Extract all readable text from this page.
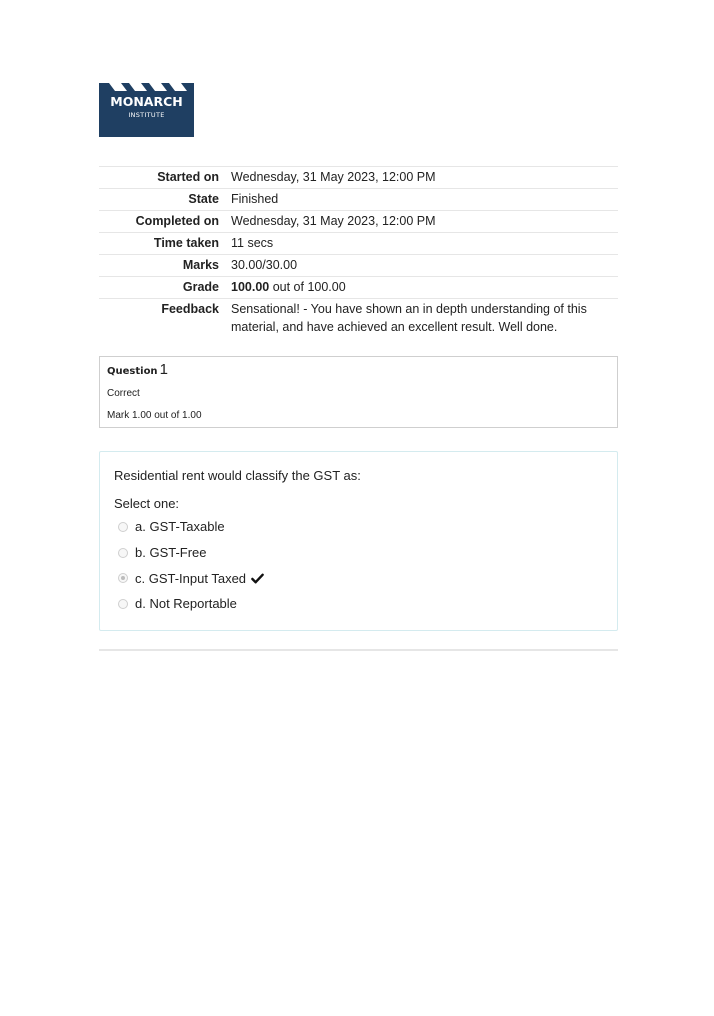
MONARCH
INSTITUTE
Started on Wednesday, 31 May 2023, 12:00 PM
State Finished
Completed on Wednesday, 31 May 2023, 12:00 PM
Time taken 11 secs
Marks 30.00/30.00
Grade 100.00 out of 100.00
Feedback Sensational! - You have shown an in depth understanding of this material, and have achieved an excellent result. Well done.
Question 1
Correct
Mark 1.00 out of 1.00
Residential rent would classify the GST as:
Select one:
a. GST-Taxable
b. GST-Free
c. GST-Input Taxed
d. Not Reportable
